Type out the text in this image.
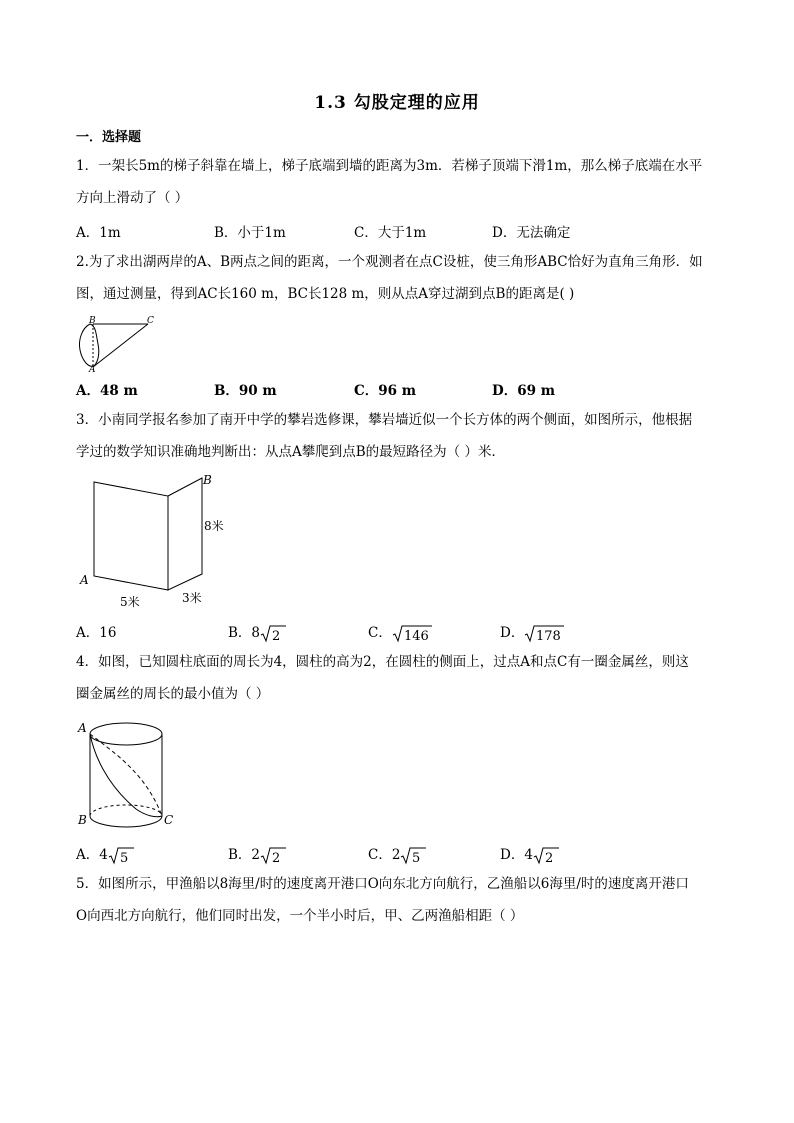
1.3 勾股定理的应用
一．选择题
1．一架长5m的梯子斜靠在墙上，梯子底端到墙的距离为3m．若梯子顶端下滑1m，那么梯子底端在水平
方向上滑动了（ ）
A．1m	B．小于1m	C．大于1m	D．无法确定
2.为了求出湖两岸的A、B两点之间的距离，一个观测者在点C设桩，使三角形ABC恰好为直角三角形．如
图，通过测量，得到AC长160 m，BC长128 m，则从点A穿过湖到点B的距离是( )
B	C
A
A．48 m	B．90 m	C．96 m	D．69 m
3．小南同学报名参加了南开中学的攀岩选修课，攀岩墙近似一个长方体的两个侧面，如图所示，他根据
学过的数学知识准确地判断出：从点A攀爬到点B的最短路径为（ ）米．
B
A
8米
5米	3米
A．16	B．8 2	C． 146	D． 178
4．如图，已知圆柱底面的周长为4，圆柱的高为2，在圆柱的侧面上，过点A和点C有一圈金属丝，则这
圈金属丝的周长的最小值为（ ）
A
B	C
A．4 5	B．2 2	C．2 5	D．4 2
5．如图所示，甲渔船以8海里/时的速度离开港口O向东北方向航行，乙渔船以6海里/时的速度离开港口
O向西北方向航行，他们同时出发，一个半小时后，甲、乙两渔船相距（ ）
